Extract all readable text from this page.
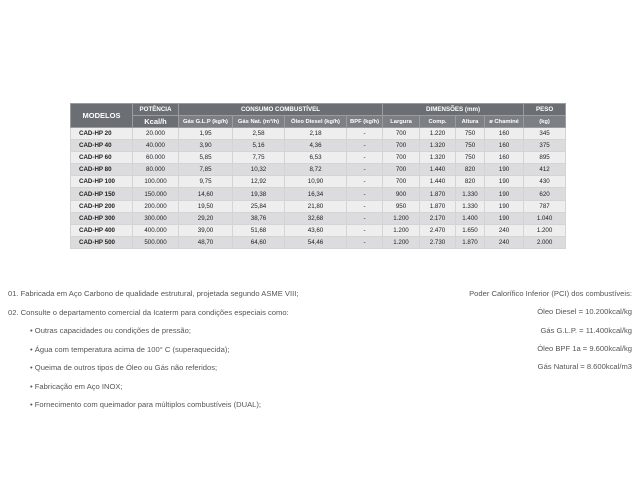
MODELOS	POTÊNCIA	CONSUMO COMBUSTÍVEL				DIMENSÕES (mm)				PESO
	Kcal/h	Gás G.L.P (kg/h)	Gás Nat. (m³/h)	Óleo Diesel (kg/h)	BPF (kg/h)	Largura	Comp.	Altura	ø Chaminé	(kg)
CAD-HP 20	20.000	1,95	2,58	2,18	-	700	1.220	750	160	345
CAD-HP 40	40.000	3,90	5,16	4,36	-	700	1.320	750	160	375
CAD-HP 60	60.000	5,85	7,75	6,53	-	700	1.320	750	160	895
CAD-HP 80	80.000	7,85	10,32	8,72	-	700	1.440	820	190	412
CAD-HP 100	100.000	9,75	12,92	10,90	-	700	1.440	820	190	430
CAD-HP 150	150.000	14,60	19,38	16,34	-	900	1.870	1.330	190	620
CAD-HP 200	200.000	19,50	25,84	21,80	-	950	1.870	1.330	190	787
CAD-HP 300	300.000	29,20	38,76	32,68	-	1.200	2.170	1.400	190	1.040
CAD-HP 400	400.000	39,00	51,68	43,60	-	1.200	2.470	1.650	240	1.200
CAD-HP 500	500.000	48,70	64,60	54,46	-	1.200	2.730	1.870	240	2.000
01. Fabricada em Aço Carbono de qualidade estrutural, projetada segundo ASME VIII;
02. Consulte o departamento comercial da Icaterm para condições especiais como:
• Outras capacidades ou condições de pressão;
• Água com temperatura acima de 100° C (superaquecida);
• Queima de outros tipos de Óleo ou Gás não referidos;
• Fabricação em Aço INOX;
• Fornecimento com queimador para múltiplos combustíveis (DUAL);
Poder Calorífico Inferior (PCI) dos combustíveis:
Óleo Diesel = 10.200kcal/kg
Gás G.L.P. = 11.400kcal/kg
Óleo BPF 1a = 9.600kcal/kg
Gás Natural = 8.600kcal/m3
